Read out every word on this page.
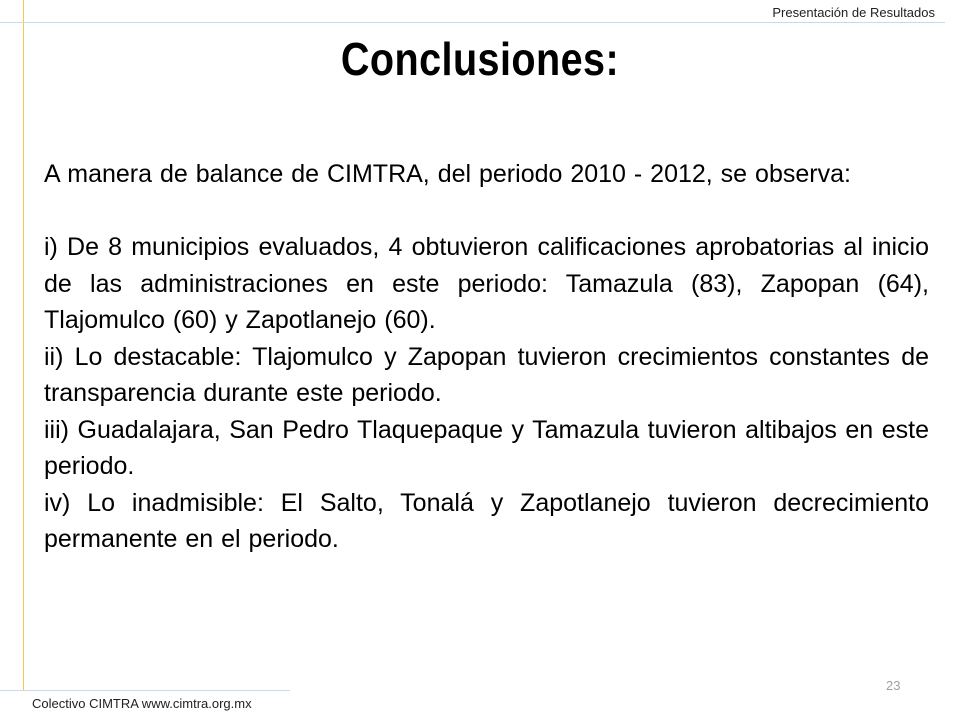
Presentación de Resultados
Conclusiones:

A manera de balance de CIMTRA, del periodo 2010 - 2012, se observa:

i) De 8 municipios evaluados, 4 obtuvieron calificaciones aprobatorias al inicio de las administraciones en este periodo: Tamazula (83), Zapopan (64), Tlajomulco (60) y Zapotlanejo (60).

ii) Lo destacable: Tlajomulco y Zapopan tuvieron crecimientos constantes de transparencia durante este periodo.

iii) Guadalajara, San Pedro Tlaquepaque y Tamazula tuvieron altibajos en este periodo.

iv) Lo inadmisible: El Salto, Tonalá y Zapotlanejo tuvieron decrecimiento permanente en el periodo.

23
Colectivo CIMTRA www.cimtra.org.mx
